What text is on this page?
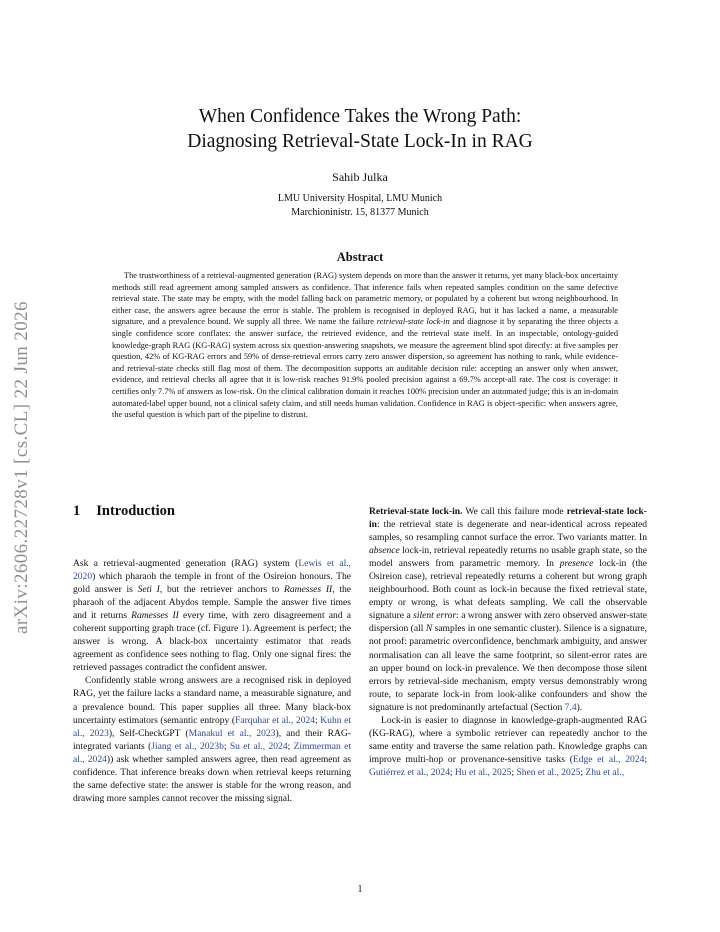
arXiv:2606.22728v1 [cs.CL] 22 Jun 2026
When Confidence Takes the Wrong Path:
Diagnosing Retrieval-State Lock-In in RAG
Sahib Julka
LMU University Hospital, LMU Munich
Marchioninistr. 15, 81377 Munich
Abstract

The trustworthiness of a retrieval-augmented generation (RAG) system depends on more than the answer it returns, yet many black-box uncertainty methods still read agreement among sampled answers as confidence. That inference fails when repeated samples condition on the same defective retrieval state. The state may be empty, with the model falling back on parametric memory, or populated by a coherent but wrong neighbourhood. In either case, the answers agree because the error is stable. The problem is recognised in deployed RAG, but it has lacked a name, a measurable signature, and a prevalence bound. We supply all three. We name the failure retrieval-state lock-in and diagnose it by separating the three objects a single confidence score conflates: the answer surface, the retrieved evidence, and the retrieval state itself. In an inspectable, ontology-guided knowledge-graph RAG (KG-RAG) system across six question-answering snapshots, we measure the agreement blind spot directly: at five samples per question, 42% of KG-RAG errors and 59% of dense-retrieval errors carry zero answer dispersion, so agreement has nothing to rank, while evidence- and retrieval-state checks still flag most of them. The decomposition supports an auditable decision rule: accepting an answer only when answer, evidence, and retrieval checks all agree that it is low-risk reaches 91.9% pooled precision against a 69.7% accept-all rate. The cost is coverage: it certifies only 7.7% of answers as low-risk. On the clinical calibration domain it reaches 100% precision under an automated judge; this is an in-domain automated-label upper bound, not a clinical safety claim, and still needs human validation. Confidence in RAG is object-specific: when answers agree, the useful question is which part of the pipeline to distrust.

1 Introduction

Ask a retrieval-augmented generation (RAG) system (Lewis et al., 2020) which pharaoh the temple in front of the Osireion honours. The gold answer is Seti I, but the retriever anchors to Ramesses II, the pharaoh of the adjacent Abydos temple. Sample the answer five times and it returns Ramesses II every time, with zero disagreement and a coherent supporting graph trace (cf. Figure 1). Agreement is perfect; the answer is wrong. A black-box uncertainty estimator that reads agreement as confidence sees nothing to flag. Only one signal fires: the retrieved passages contradict the confident answer.

Confidently stable wrong answers are a recognised risk in deployed RAG, yet the failure lacks a standard name, a measurable signature, and a prevalence bound. This paper supplies all three. Many black-box uncertainty estimators (semantic entropy (Farquhar et al., 2024; Kuhn et al., 2023), Self-CheckGPT (Manakul et al., 2023), and their RAG-integrated variants (Jiang et al., 2023b; Su et al., 2024; Zimmerman et al., 2024)) ask whether sampled answers agree, then read agreement as confidence. That inference breaks down when retrieval keeps returning the same defective state: the answer is stable for the wrong reason, and drawing more samples cannot recover the missing signal.

Retrieval-state lock-in. We call this failure mode retrieval-state lock-in: the retrieval state is degenerate and near-identical across repeated samples, so resampling cannot surface the error. Two variants matter. In absence lock-in, retrieval repeatedly returns no usable graph state, so the model answers from parametric memory. In presence lock-in (the Osireion case), retrieval repeatedly returns a coherent but wrong graph neighbourhood. Both count as lock-in because the fixed retrieval state, empty or wrong, is what defeats sampling. We call the observable signature a silent error: a wrong answer with zero observed answer-state dispersion (all N samples in one semantic cluster). Silence is a signature, not proof: parametric overconfidence, benchmark ambiguity, and answer normalisation can all leave the same footprint, so silent-error rates are an upper bound on lock-in prevalence. We then decompose those silent errors by retrieval-side mechanism, empty versus demonstrably wrong route, to separate lock-in from look-alike confounders and show the signature is not predominantly artefactual (Section 7.4).

Lock-in is easier to diagnose in knowledge-graph-augmented RAG (KG-RAG), where a symbolic retriever can repeatedly anchor to the same entity and traverse the same relation path. Knowledge graphs can improve multi-hop or provenance-sensitive tasks (Edge et al., 2024; Gutiérrez et al., 2024; Hu et al., 2025; Shen et al., 2025; Zhu et al.,

1
